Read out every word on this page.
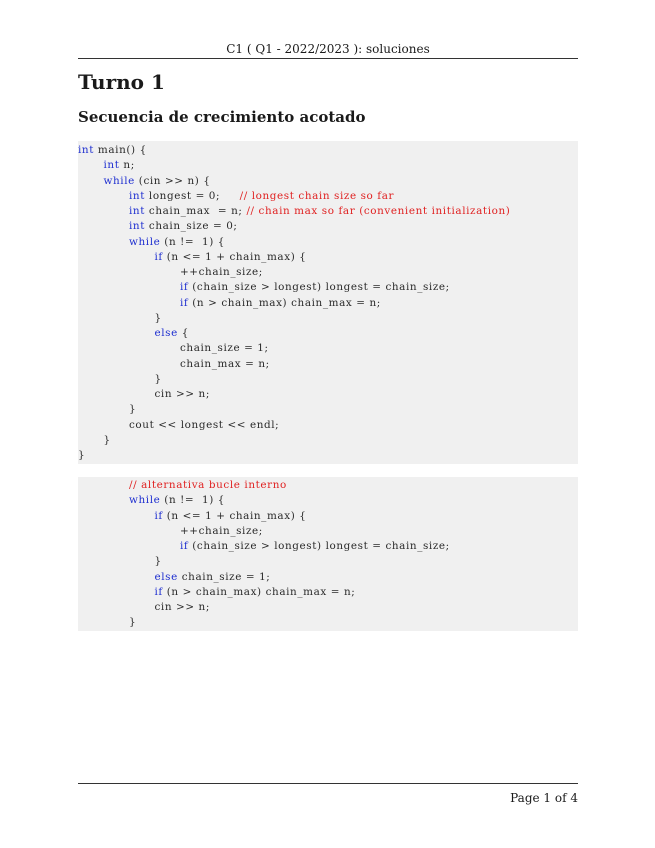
C1 ( Q1 - 2022/2023 ): soluciones
Turno 1
Secuencia de crecimiento acotado
int main() {
int n;
while (cin >> n) {
int longest = 0;     // longest chain size so far
int chain_max  = n; // chain max so far (convenient initialization)
int chain_size = 0;
while (n !=  1) {
if (n <= 1 + chain_max) {
++chain_size;
if (chain_size > longest) longest = chain_size;
if (n > chain_max) chain_max = n;
}
else {
chain_size = 1;
chain_max = n;
}
cin >> n;
}
cout << longest << endl;
}
}
// alternativa bucle interno
while (n !=  1) {
if (n <= 1 + chain_max) {
++chain_size;
if (chain_size > longest) longest = chain_size;
}
else chain_size = 1;
if (n > chain_max) chain_max = n;
cin >> n;
}
Page 1 of 4
